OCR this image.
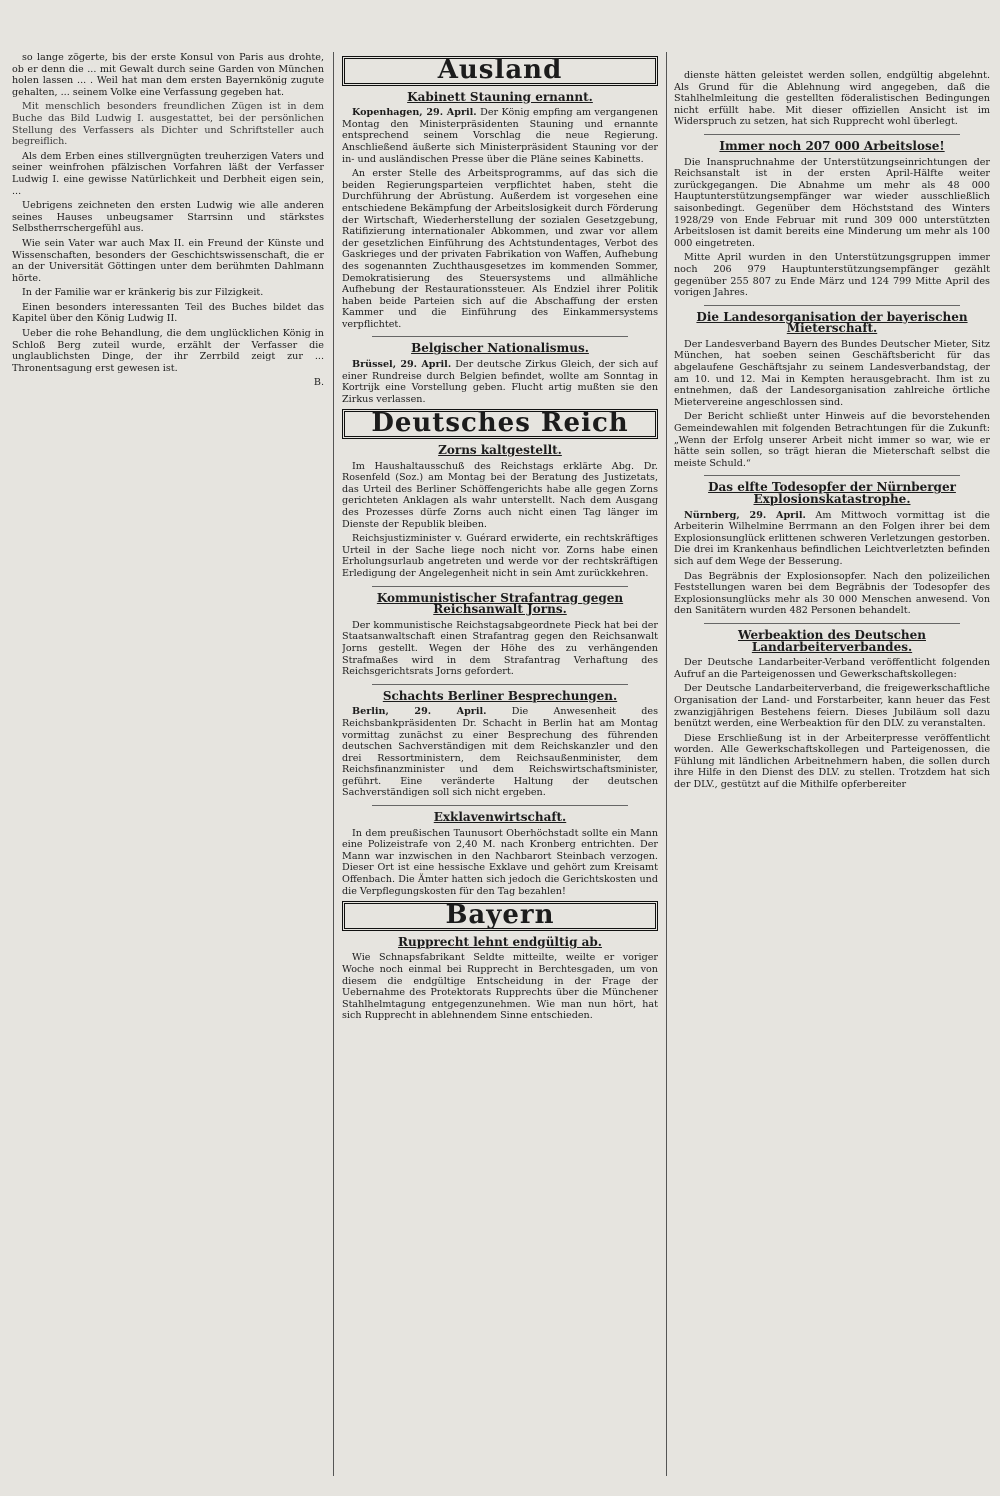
so lange zögerte, bis der erste Konsul von Paris aus drohte, ob er denn die ... mit Gewalt durch seine Garden von München holen lassen ... . Weil hat man dem ersten Bayernkönig zugute gehalten, ... seinem Volke eine Verfassung gegeben hat.

Mit menschlich besonders freundlichen Zügen ist in dem Buche das Bild Ludwig I. ausgestattet, bei der persönlichen Stellung des Verfassers als Dichter und Schriftsteller auch begreiflich.

Als dem Erben eines stillvergnügten treuherzigen Vaters und seiner weinfrohen pfälzischen Vorfahren läßt der Verfasser Ludwig I. eine gewisse Natürlichkeit und Derbheit eigen sein, ...

Uebrigens zeichneten den ersten Ludwig wie alle anderen seines Hauses unbeugsamer Starrsinn und stärkstes Selbstherrschergefühl aus.

Wie sein Vater war auch Max II. ein Freund der Künste und Wissenschaften, besonders der Geschichtswissenschaft, die er an der Universität Göttingen unter dem berühmten Dahlmann hörte.

In der Familie war er kränkerig bis zur Filzigkeit.

Einen besonders interessanten Teil des Buches bildet das Kapitel über den König Ludwig II.

Ueber die rohe Behandlung, die dem unglücklichen König in Schloß Berg zuteil wurde, erzählt der Verfasser die unglaublichsten Dinge, der ihr Zerrbild zeigt zur ... Thronentsagung erst gewesen ist.

B.
Ausland
Kabinett Stauning ernannt.

Kopenhagen, 29. April. Der König empfing am vergangenen Montag den Ministerpräsidenten Stauning und ernannte entsprechend seinem Vorschlag die neue Regierung. Anschließend äußerte sich Ministerpräsident Stauning vor der in- und ausländischen Presse über die Pläne seines Kabinetts.

An erster Stelle des Arbeitsprogramms, auf das sich die beiden Regierungsparteien verpflichtet haben, steht die Durchführung der Abrüstung. Außerdem ist vorgesehen eine entschiedene Bekämpfung der Arbeitslosigkeit durch Förderung der Wirtschaft, Wiederherstellung der sozialen Gesetzgebung, Ratifizierung internationaler Abkommen, und zwar vor allem der gesetzlichen Einführung des Achtstundentages, Verbot des Gaskrieges und der privaten Fabrikation von Waffen, Aufhebung des sogenannten Zuchthausgesetzes im kommenden Sommer, Demokratisierung des Steuersystems und allmähliche Aufhebung der Restaurationssteuer. Als Endziel ihrer Politik haben beide Parteien sich auf die Abschaffung der ersten Kammer und die Einführung des Einkammersystems verpflichtet.

Belgischer Nationalismus.

Brüssel, 29. April. Der deutsche Zirkus Gleich, der sich auf einer Rundreise durch Belgien befindet, wollte am Sonntag in Kortrijk eine Vorstellung geben. Flucht artig mußten sie den Zirkus verlassen.

Deutsches Reich
Zorns kaltgestellt.

Im Haushaltausschuß des Reichstags erklärte Abg. Dr. Rosenfeld (Soz.) am Montag bei der Beratung des Justizetats, das Urteil des Berliner Schöffengerichts habe alle gegen Zorns gerichteten Anklagen als wahr unterstellt. Nach dem Ausgang des Prozesses dürfe Zorns auch nicht einen Tag länger im Dienste der Republik bleiben.

Reichsjustizminister v. Guérard erwiderte, ein rechtskräftiges Urteil in der Sache liege noch nicht vor. Zorns habe einen Erholungsurlaub angetreten und werde vor der rechtskräftigen Erledigung der Angelegenheit nicht in sein Amt zurückkehren.

Kommunistischer Strafantrag gegen Reichsanwalt Jorns.

Der kommunistische Reichstagsabgeordnete Pieck hat bei der Staatsanwaltschaft einen Strafantrag gegen den Reichsanwalt Jorns gestellt. Wegen der Höhe des zu verhängenden Strafmaßes wird in dem Strafantrag Verhaftung des Reichsgerichtsrats Jorns gefordert.

Schachts Berliner Besprechungen.

Berlin, 29. April.	Die Anwesenheit des Reichsbankpräsidenten Dr. Schacht in Berlin hat am Montag vormittag zunächst zu einer Besprechung des führenden deutschen Sachverständigen mit dem Reichskanzler und den drei Ressortministern, dem Reichsaußenminister, dem Reichsfinanzminister und dem Reichswirtschaftsminister, geführt. Eine veränderte Haltung der deutschen Sachverständigen soll sich nicht ergeben.

Exklavenwirtschaft.

In dem preußischen Taunusort Oberhöchstadt sollte ein Mann eine Polizeistrafe von 2,40 M. nach Kronberg entrichten. Der Mann war inzwischen in den Nachbarort Steinbach verzogen. Dieser Ort ist eine hessische Exklave und gehört zum Kreisamt Offenbach. Die Ämter hatten sich jedoch die Gerichtskosten und die Verpflegungskosten für den Tag bezahlen!

Bayern
Rupprecht lehnt endgültig ab.

Wie Schnapsfabrikant Seldte mitteilte, weilte er voriger Woche noch einmal bei Rupprecht in Berchtesgaden, um von diesem die endgültige Entscheidung in der Frage der Uebernahme des Protektorats Rupprechts über die Münchener Stahlhelmtagung entgegenzunehmen. Wie man nun hört, hat sich Rupprecht in ablehnendem Sinne entschieden.

dienste hätten geleistet werden sollen, endgültig abgelehnt. Als Grund für die Ablehnung wird angegeben, daß die Stahlhelmleitung die gestellten föderalistischen Bedingungen nicht erfüllt habe. Mit dieser offiziellen Ansicht ist im Widerspruch zu setzen, hat sich Rupprecht wohl überlegt.

Immer noch 207 000 Arbeitslose!

Die Inanspruchnahme der Unterstützungseinrichtungen der Reichsanstalt ist in der ersten April-Hälfte weiter zurückgegangen. Die Abnahme um mehr als 48 000 Hauptunterstützungsempfänger war wieder ausschließlich saisonbedingt. Gegenüber dem Höchststand des Winters 1928/29 von Ende Februar mit rund 309 000 unterstützten Arbeitslosen ist damit bereits eine Minderung um mehr als 100 000 eingetreten.

Mitte April wurden in den Unterstützungsgruppen immer noch 206 979 Hauptunterstützungsempfänger gezählt gegenüber 255 807 zu Ende März und 124 799 Mitte April des vorigen Jahres.

Die Landesorganisation der bayerischen Mieterschaft.

Der Landesverband Bayern des Bundes Deutscher Mieter, Sitz München, hat soeben seinen Geschäftsbericht für das abgelaufene Geschäftsjahr zu seinem Landesverbandstag, der am 10. und 12. Mai in Kempten herausgebracht. Ihm ist zu entnehmen, daß der Landesorganisation zahlreiche örtliche Mietervereine angeschlossen sind.

Der Bericht schließt unter Hinweis auf die bevorstehenden Gemeindewahlen mit folgenden Betrachtungen für die Zukunft: „Wenn der Erfolg unserer Arbeit nicht immer so war, wie er hätte sein sollen, so trägt hieran die Mieterschaft selbst die meiste Schuld.“

Das elfte Todesopfer der Nürnberger Explosionskatastrophe.

Nürnberg, 29. April. Am Mittwoch vormittag ist die Arbeiterin Wilhelmine Berrmann an den Folgen ihrer bei dem Explosionsunglück erlittenen schweren Verletzungen gestorben. Die drei im Krankenhaus befindlichen Leichtverletzten befinden sich auf dem Wege der Besserung.

Das Begräbnis der Explosionsopfer. Nach den polizeilichen Feststellungen waren bei dem Begräbnis der Todesopfer des Explosionsunglücks mehr als 30 000 Menschen anwesend. Von den Sanitätern wurden 482 Personen behandelt.

Werbeaktion des Deutschen Landarbeiterverbandes.

Der Deutsche Landarbeiter-Verband veröffentlicht folgenden Aufruf an die Parteigenossen und Gewerkschaftskollegen:

Der Deutsche Landarbeiterverband, die freigewerkschaftliche Organisation der Land- und Forstarbeiter, kann heuer das Fest zwanzigjährigen Bestehens feiern. Dieses Jubiläum soll dazu benützt werden, eine Werbeaktion für den DLV. zu veranstalten.

Diese Erschließung ist in der Arbeiterpresse veröffentlicht worden. Alle Gewerkschaftskollegen und Parteigenossen, die Fühlung mit ländlichen Arbeitnehmern haben, die sollen durch ihre Hilfe in den Dienst des DLV. zu stellen. Trotzdem hat sich der DLV., gestützt auf die Mithilfe opferbereiter
